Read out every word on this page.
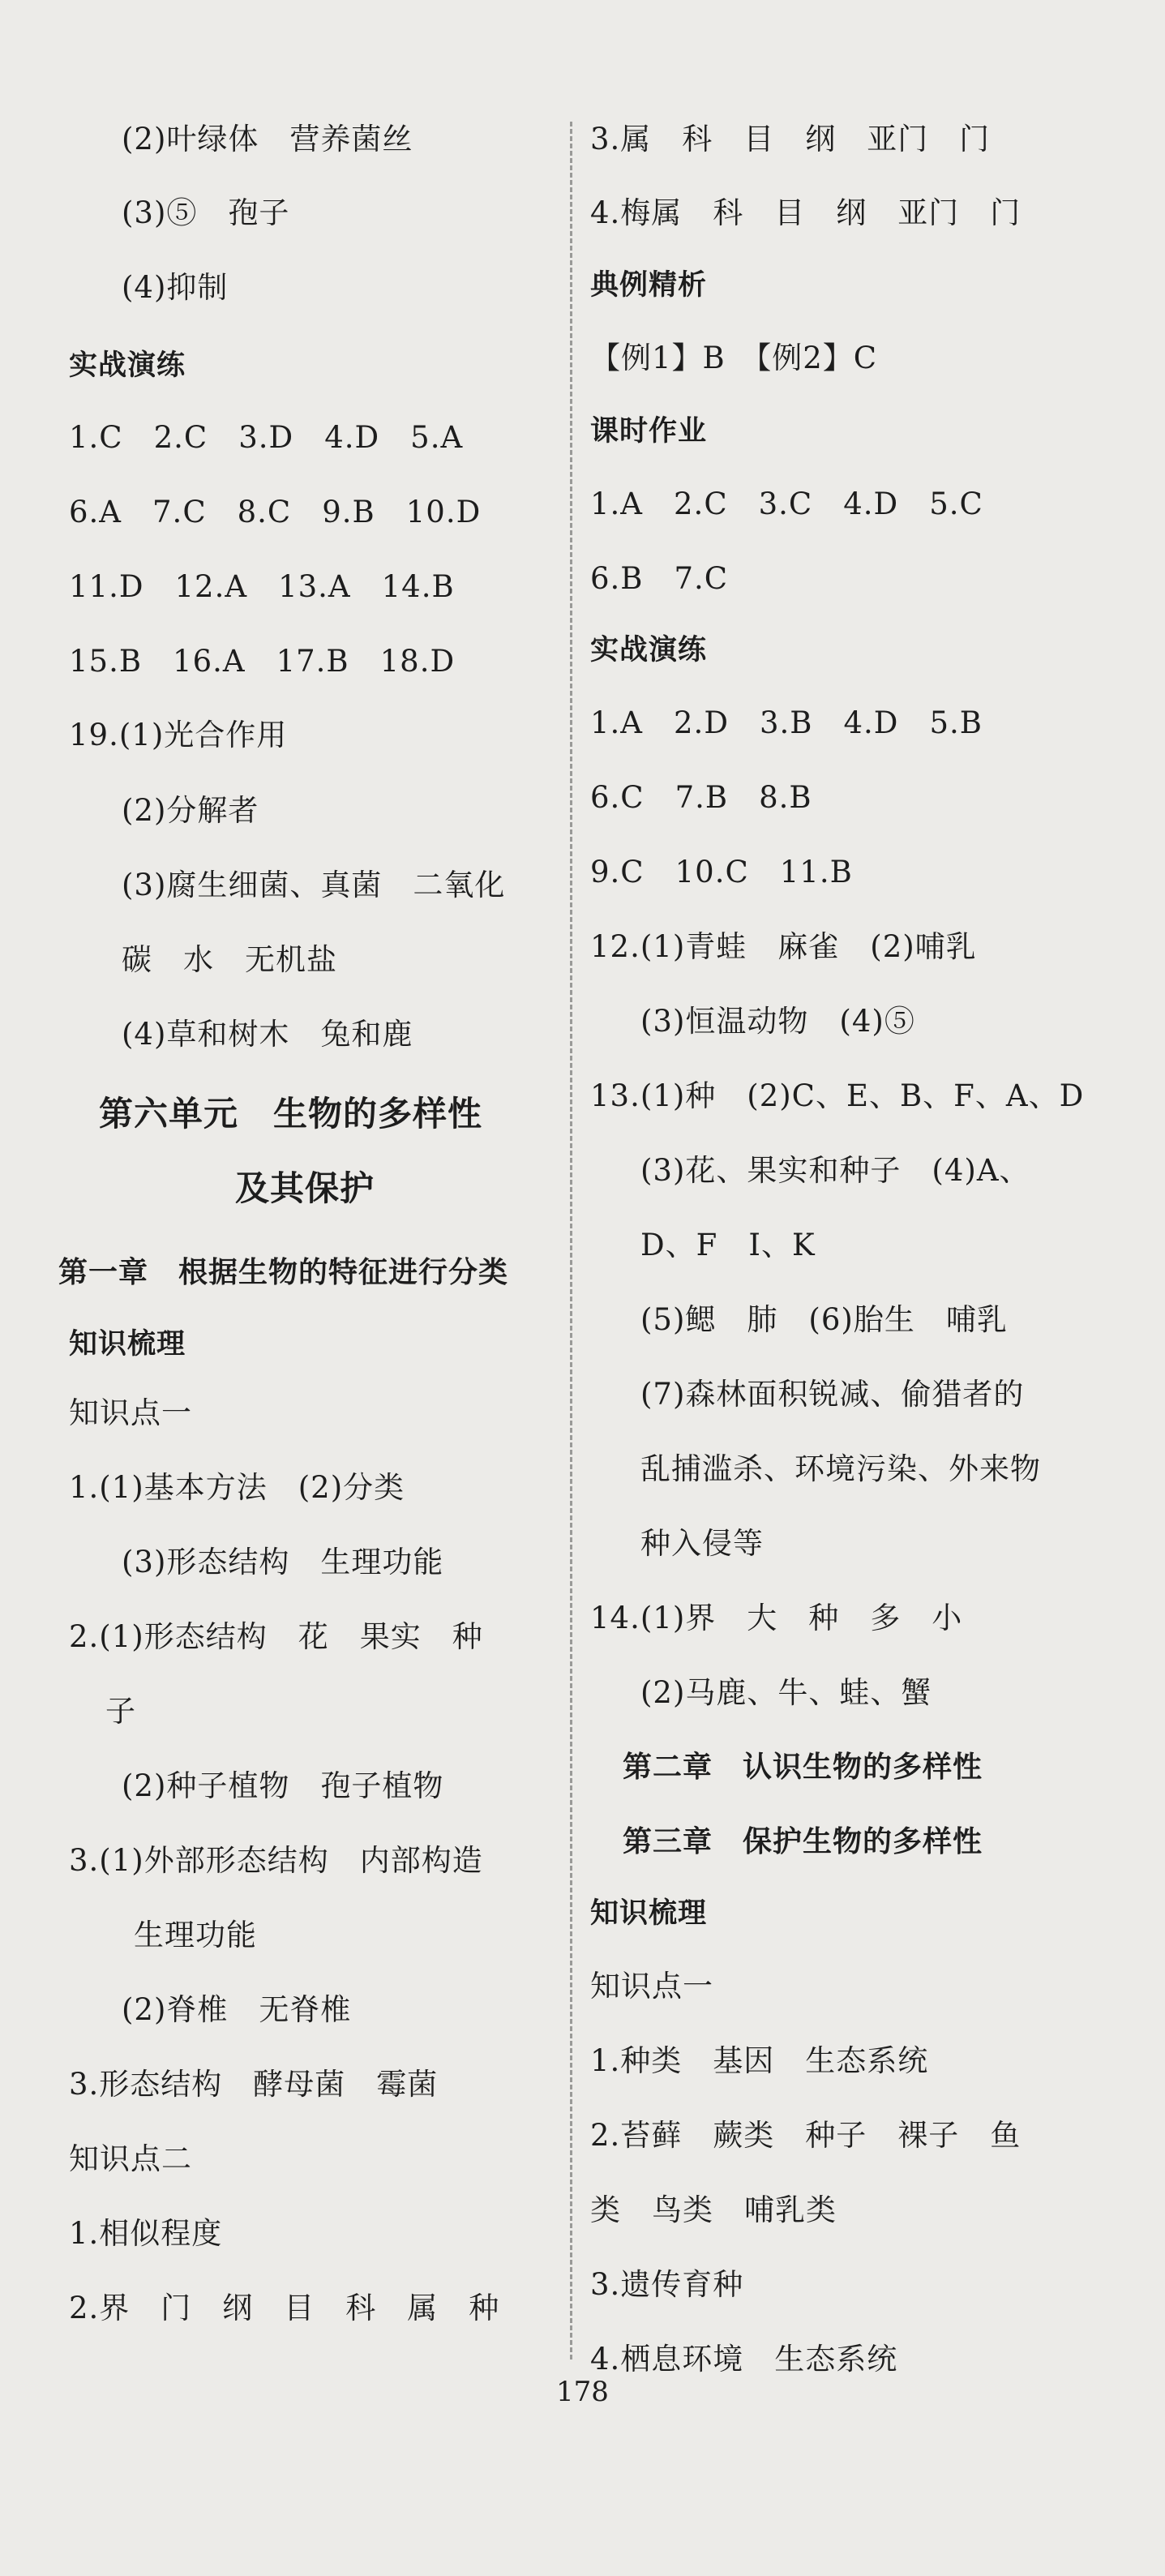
(2)叶绿体　营养菌丝
(3)⑤　孢子
(4)抑制
实战演练
1.C　2.C　3.D　4.D　5.A
6.A　7.C　8.C　9.B　10.D
11.D　12.A　13.A　14.B
15.B　16.A　17.B　18.D
19.(1)光合作用
(2)分解者
(3)腐生细菌、真菌　二氧化
碳　水　无机盐
(4)草和树木　兔和鹿
第六单元　生物的多样性
及其保护
第一章　根据生物的特征进行分类
知识梳理
知识点一
1.(1)基本方法　(2)分类
(3)形态结构　生理功能
2.(1)形态结构　花　果实　种
子
(2)种子植物　孢子植物
3.(1)外部形态结构　内部构造
生理功能
(2)脊椎　无脊椎
3.形态结构　酵母菌　霉菌
知识点二
1.相似程度
2.界　门　纲　目　科　属　种
3.属　科　目　纲　亚门　门
4.梅属　科　目　纲　亚门　门
典例精析
【例1】B　【例2】C
课时作业
1.A　2.C　3.C　4.D　5.C
6.B　7.C
实战演练
1.A　2.D　3.B　4.D　5.B
6.C　7.B　8.B
9.C　10.C　11.B
12.(1)青蛙　麻雀　(2)哺乳
(3)恒温动物　(4)⑤
13.(1)种　(2)C、E、B、F、A、D
(3)花、果实和种子　(4)A、
D、F　I、K
(5)鳃　肺　(6)胎生　哺乳
(7)森林面积锐减、偷猎者的
乱捕滥杀、环境污染、外来物
种入侵等
14.(1)界　大　种　多　小
(2)马鹿、牛、蛙、蟹
第二章　认识生物的多样性
第三章　保护生物的多样性
知识梳理
知识点一
1.种类　基因　生态系统
2.苔藓　蕨类　种子　裸子　鱼
类　鸟类　哺乳类
3.遗传育种
4.栖息环境　生态系统
178
